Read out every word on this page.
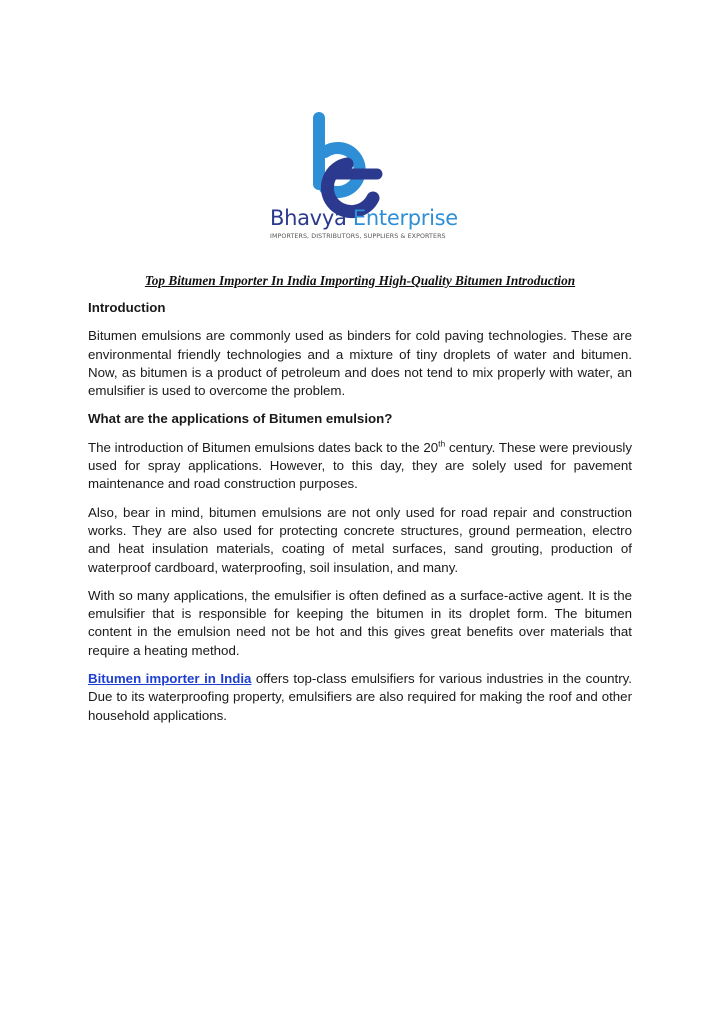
Bhavya Enterprise
IMPORTERS, DISTRIBUTORS, SUPPLIERS & EXPORTERS
Top Bitumen Importer In India Importing High-Quality Bitumen Introduction
Introduction
Bitumen emulsions are commonly used as binders for cold paving technologies. These are environmental friendly technologies and a mixture of tiny droplets of water and bitumen. Now, as bitumen is a product of petroleum and does not tend to mix properly with water, an emulsifier is used to overcome the problem.
What are the applications of Bitumen emulsion?
The introduction of Bitumen emulsions dates back to the 20th century. These were previously used for spray applications. However, to this day, they are solely used for pavement maintenance and road construction purposes.
Also, bear in mind, bitumen emulsions are not only used for road repair and construction works. They are also used for protecting concrete structures, ground permeation, electro and heat insulation materials, coating of metal surfaces, sand grouting, production of waterproof cardboard, waterproofing, soil insulation, and many.
With so many applications, the emulsifier is often defined as a surface-active agent. It is the emulsifier that is responsible for keeping the bitumen in its droplet form. The bitumen content in the emulsion need not be hot and this gives great benefits over materials that require a heating method.
Bitumen importer in India offers top-class emulsifiers for various industries in the country. Due to its waterproofing property, emulsifiers are also required for making the roof and other household applications.
